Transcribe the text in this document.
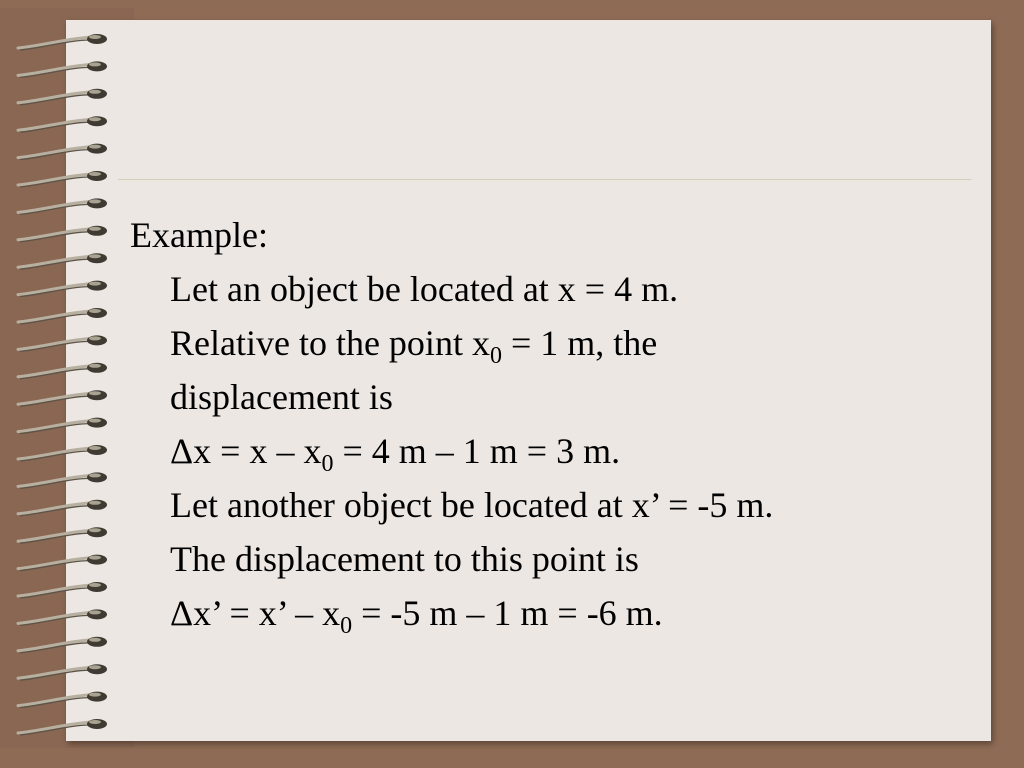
Example:

Let an object be located at x = 4 m.

Relative to the point $x_0 = 1$ m, the

displacement is

$\Delta x = x - x_0 = 4$ m – 1 m = 3 m.

Let another object be located at x’ = -5 m.

The displacement to this point is

Δx’ = x’ – $x_0 = -5$ m – 1 m = -6 m.
